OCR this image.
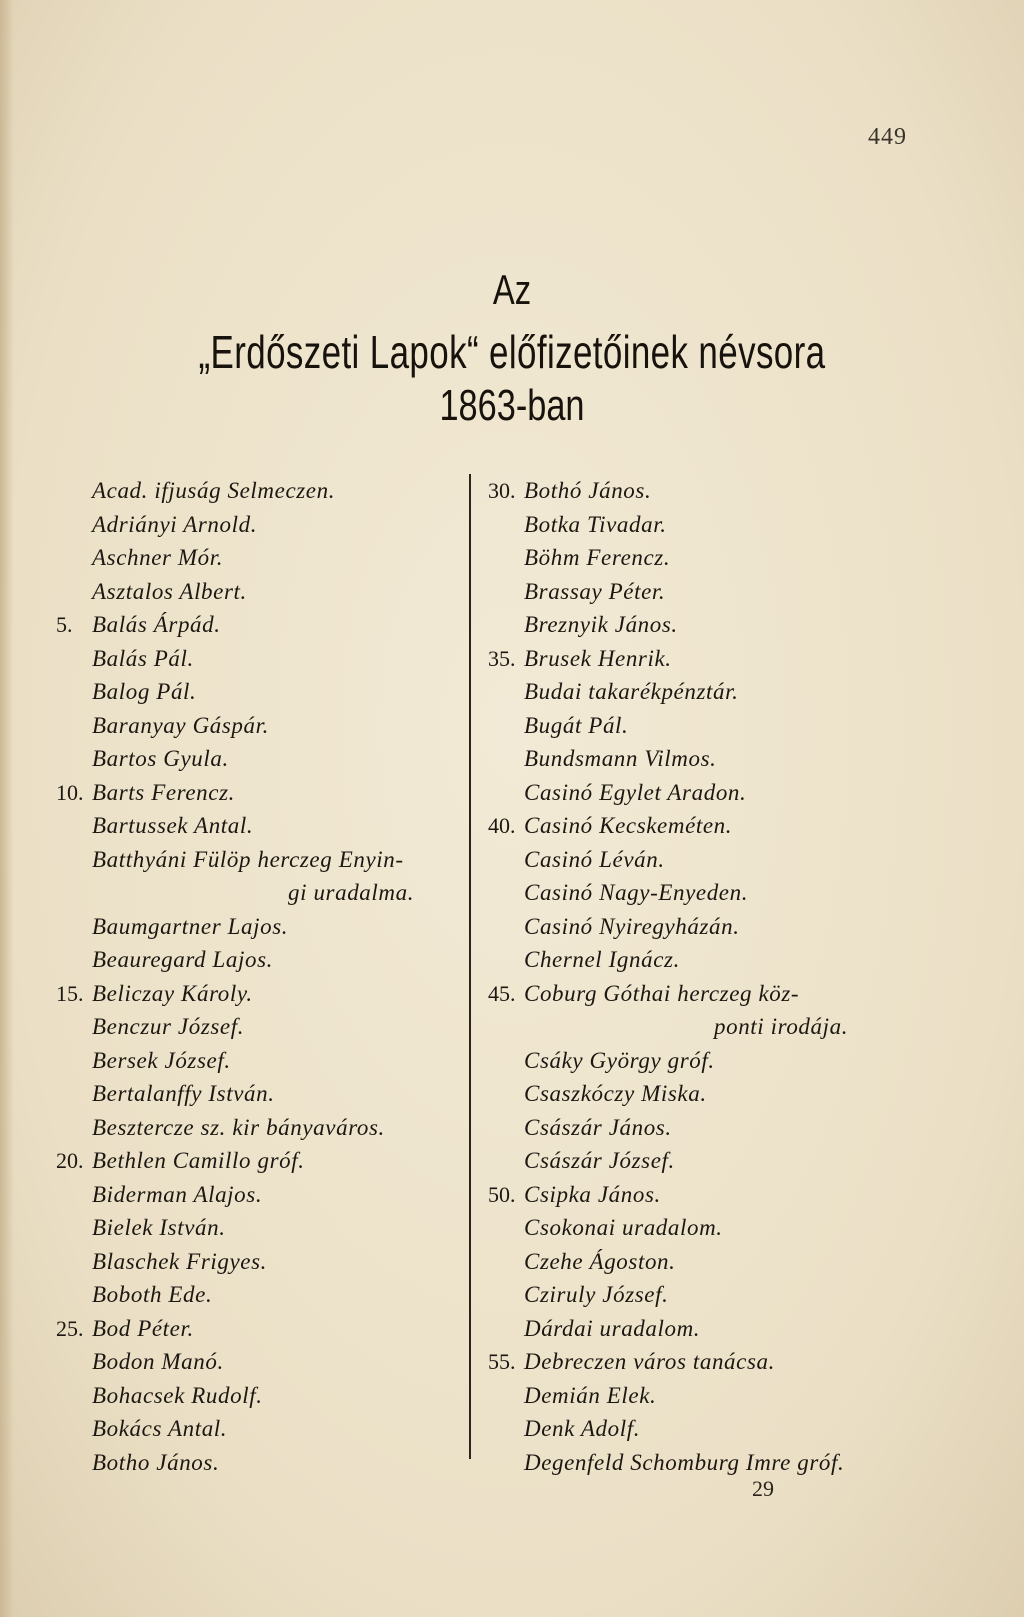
449
Az
„Erdőszeti Lapok“ előfizetőinek névsora
1863-ban
Acad. ifjuság Selmeczen.
Adriányi Arnold.
Aschner Mór.
Asztalos Albert.
5. Balás Árpád.
Balás Pál.
Balog Pál.
Baranyay Gáspár.
Bartos Gyula.
10. Barts Ferencz.
Bartussek Antal.
Batthyáni Fülöp herczeg Enyin-
gi uradalma.
Baumgartner Lajos.
Beauregard Lajos.
15. Beliczay Károly.
Benczur József.
Bersek József.
Bertalanffy István.
Besztercze sz. kir bányaváros.
20. Bethlen Camillo gróf.
Biderman Alajos.
Bielek István.
Blaschek Frigyes.
Boboth Ede.
25. Bod Péter.
Bodon Manó.
Bohacsek Rudolf.
Bokács Antal.
Botho János.
30. Bothó János.
Botka Tivadar.
Böhm Ferencz.
Brassay Péter.
Breznyik János.
35. Brusek Henrik.
Budai takarékpénztár.
Bugát Pál.
Bundsmann Vilmos.
Casinó Egylet Aradon.
40. Casinó Kecskeméten.
Casinó Léván.
Casinó Nagy-Enyeden.
Casinó Nyiregyházán.
Chernel Ignácz.
45. Coburg Góthai herczeg köz-
ponti irodája.
Csáky György gróf.
Csaszkóczy Miska.
Császár János.
Császár József.
50. Csipka János.
Csokonai uradalom.
Czehe Ágoston.
Cziruly József.
Dárdai uradalom.
55. Debreczen város tanácsa.
Demián Elek.
Denk Adolf.
Degenfeld Schomburg Imre gróf.
29
